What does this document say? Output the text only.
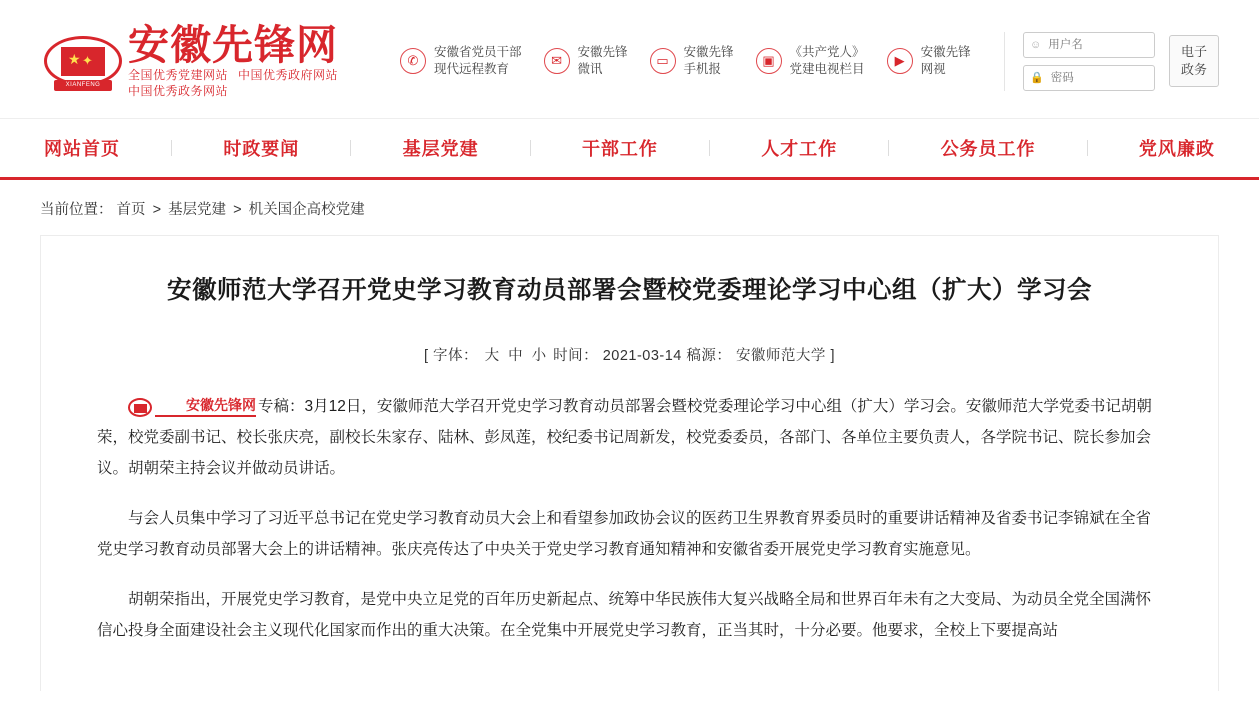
★ ✦
XIANFENG
安徽先锋网
全国优秀党建网站 中国优秀政府网站
中国优秀政务网站
✆
安徽省党员干部
现代远程教育
✉
安徽先锋
微讯
▭
安徽先锋
手机报
▣
《共产党人》
党建电视栏目
▶
安徽先锋
网视
☺
用户名
🔒
电子
政务
网站首页	时政要闻	基层党建	干部工作	人才工作	公务员工作	党风廉政
当前位置： 首页 > 基层党建 > 机关国企高校党建
安徽师范大学召开党史学习教育动员部署会暨校党委理论学习中心组（扩大）学习会
[ 字体： 大 中 小 时间： 2021-03-14 稿源： 安徽师范大学 ]

安徽先锋网 专稿：3月12日，安徽师范大学召开党史学习教育动员部署会暨校党委理论学习中心组（扩大）学习会。安徽师范大学党委书记胡朝荣，校党委副书记、校长张庆亮，副校长朱家存、陆林、彭凤莲，校纪委书记周新发，校党委委员，各部门、各单位主要负责人，各学院书记、院长参加会议。胡朝荣主持会议并做动员讲话。

与会人员集中学习了习近平总书记在党史学习教育动员大会上和看望参加政协会议的医药卫生界教育界委员时的重要讲话精神及省委书记李锦斌在全省党史学习教育动员部署大会上的讲话精神。张庆亮传达了中央关于党史学习教育通知精神和安徽省委开展党史学习教育实施意见。

胡朝荣指出，开展党史学习教育，是党中央立足党的百年历史新起点、统筹中华民族伟大复兴战略全局和世界百年未有之大变局、为动员全党全国满怀信心投身全面建设社会主义现代化国家而作出的重大决策。在全党集中开展党史学习教育，正当其时，十分必要。他要求，全校上下要提高站
